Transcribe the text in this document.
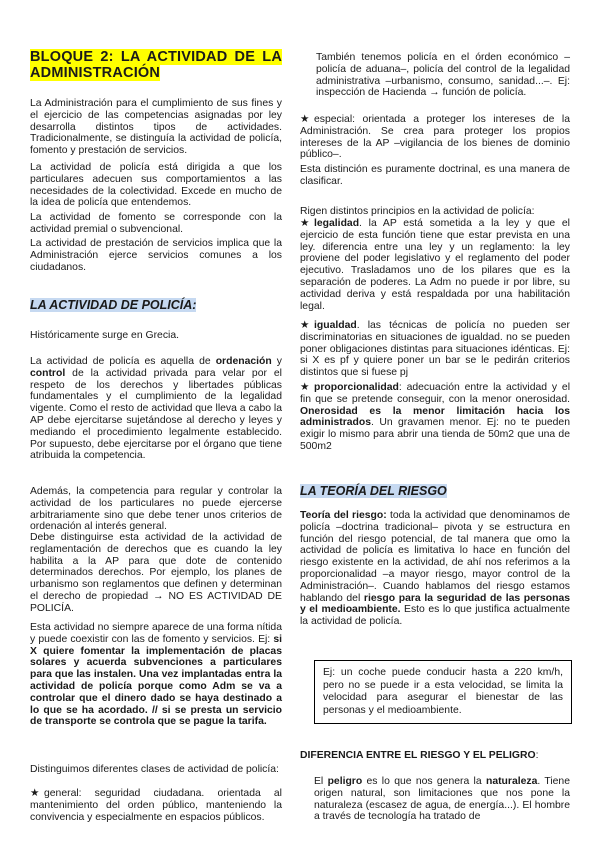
BLOQUE 2: LA ACTIVIDAD DE LA ADMINISTRACIÓN

La Administración para el cumplimiento de sus fines y el ejercicio de las competencias asignadas por ley desarrolla distintos tipos de actividades. Tradicionalmente, se distinguía la actividad de policía, fomento y prestación de servicios.

La actividad de policía está dirigida a que los particulares adecuen sus comportamientos a las necesidades de la colectividad. Excede en mucho de la idea de policía que entendemos.

La actividad de fomento se corresponde con la actividad premial o subvencional.

La actividad de prestación de servicios implica que la Administración ejerce servicios comunes a los ciudadanos.

LA ACTIVIDAD DE POLICÍA:

Históricamente surge en Grecia.

La actividad de policía es aquella de ordenación y control de la actividad privada para velar por el respeto de los derechos y libertades públicas fundamentales y el cumplimiento de la legalidad vigente. Como el resto de actividad que lleva a cabo la AP debe ejercitarse sujetándose al derecho y leyes y mediando el procedimiento legalmente establecido. Por supuesto, debe ejercitarse por el órgano que tiene atribuida la competencia.

Además, la competencia para regular y controlar la actividad de los particulares no puede ejercerse arbitrariamente sino que debe tener unos criterios de ordenación al interés general.

Debe distinguirse esta actividad de la actividad de reglamentación de derechos que es cuando la ley habilita a la AP para que dote de contenido determinados derechos. Por ejemplo, los planes de urbanismo son reglamentos que definen y determinan el derecho de propiedad → NO ES ACTIVIDAD DE POLICÍA.

Esta actividad no siempre aparece de una forma nítida y puede coexistir con las de fomento y servicios. Ej: si X quiere fomentar la implementación de placas solares y acuerda subvenciones a particulares para que las instalen. Una vez implantadas entra la actividad de policía porque como Adm se va a controlar que el dinero dado se haya destinado a lo que se ha acordado. // si se presta un servicio de transporte se controla que se pague la tarifa.

Distinguimos diferentes clases de actividad de policía:

★ general: seguridad ciudadana. orientada al mantenimiento del orden público, manteniendo la convivencia y especialmente en espacios públicos.

También tenemos policía en el órden económico –policía de aduana–, policía del control de la legalidad administrativa –urbanismo, consumo, sanidad...–. Ej: inspección de Hacienda → función de policía.

★ especial: orientada a proteger los intereses de la Administración. Se crea para proteger los propios intereses de la AP –vigilancia de los bienes de dominio público–.

Esta distinción es puramente doctrinal, es una manera de clasificar.

Rigen distintos principios en la actividad de policía:

★ legalidad. la AP está sometida a la ley y que el ejercicio de esta función tiene que estar prevista en una ley. diferencia entre una ley y un reglamento: la ley proviene del poder legislativo y el reglamento del poder ejecutivo. Trasladamos uno de los pilares que es la separación de poderes. La Adm no puede ir por libre, su actividad deriva y está respaldada por una habilitación legal.

★ igualdad. las técnicas de policía no pueden ser discriminatorias en situaciones de igualdad. no se pueden poner obligaciones distintas para situaciones idénticas. Ej: si X es pf y quiere poner un bar se le pedirán criterios distintos que si fuese pj

★ proporcionalidad: adecuación entre la actividad y el fin que se pretende conseguir, con la menor onerosidad. Onerosidad es la menor limitación hacia los administrados. Un gravamen menor. Ej: no te pueden exigir lo mismo para abrir una tienda de 50m2 que una de 500m2

LA TEORÍA DEL RIESGO

Teoría del riesgo: toda la actividad que denominamos de policía –doctrina tradicional– pivota y se estructura en función del riesgo potencial, de tal manera que omo la actividad de policía es limitativa lo hace en función del riesgo existente en la actividad, de ahí nos referimos a la proporcionalidad –a mayor riesgo, mayor control de la Administración–. Cuando hablamos del riesgo estamos hablando del riesgo para la seguridad de las personas y el medioambiente. Esto es lo que justifica actualmente la actividad de policía.

Ej: un coche puede conducir hasta a 220 km/h, pero no se puede ir a esta velocidad, se limita la velocidad para asegurar el bienestar de las personas y el medioambiente.

DIFERENCIA ENTRE EL RIESGO Y EL PELIGRO:

El peligro es lo que nos genera la naturaleza. Tiene origen natural, son limitaciones que nos pone la naturaleza (escasez de agua, de energía...). El hombre a través de tecnología ha tratado de
